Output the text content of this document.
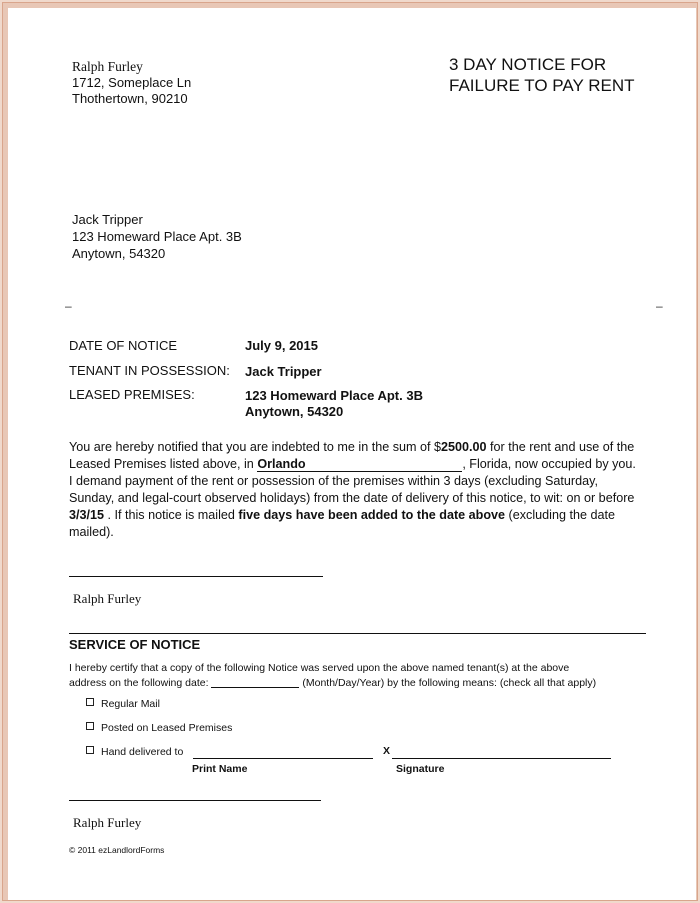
Ralph Furley
1712, Someplace Ln
Thothertown, 90210
3 DAY NOTICE FOR
FAILURE TO PAY RENT
Jack Tripper
123 Homeward Place Apt. 3B
Anytown, 54320
–	–
DATE OF NOTICE	July 9, 2015
TENANT IN POSSESSION: Jack Tripper
LEASED PREMISES:	123 Homeward Place Apt. 3B
Anytown, 54320
You are hereby notified that you are indebted to me in the sum of $2500.00 for the rent and use of the Leased Premises listed above, in Orlando	, Florida, now occupied by you. I demand payment of the rent or possession of the premises within 3 days (excluding Saturday, Sunday, and legal-court observed holidays) from the date of delivery of this notice, to wit: on or before 3/3/15 . If this notice is mailed five days have been added to the date above (excluding the date mailed).
Ralph Furley
SERVICE OF NOTICE
I hereby certify that a copy of the following Notice was served upon the above named tenant(s) at the above
address on the following date:	(Month/Day/Year) by the following means: (check all that apply)
Regular Mail
Posted on Leased Premises
Hand delivered to	X
Print Name	Signature
Ralph Furley
© 2011 ezLandlordForms
